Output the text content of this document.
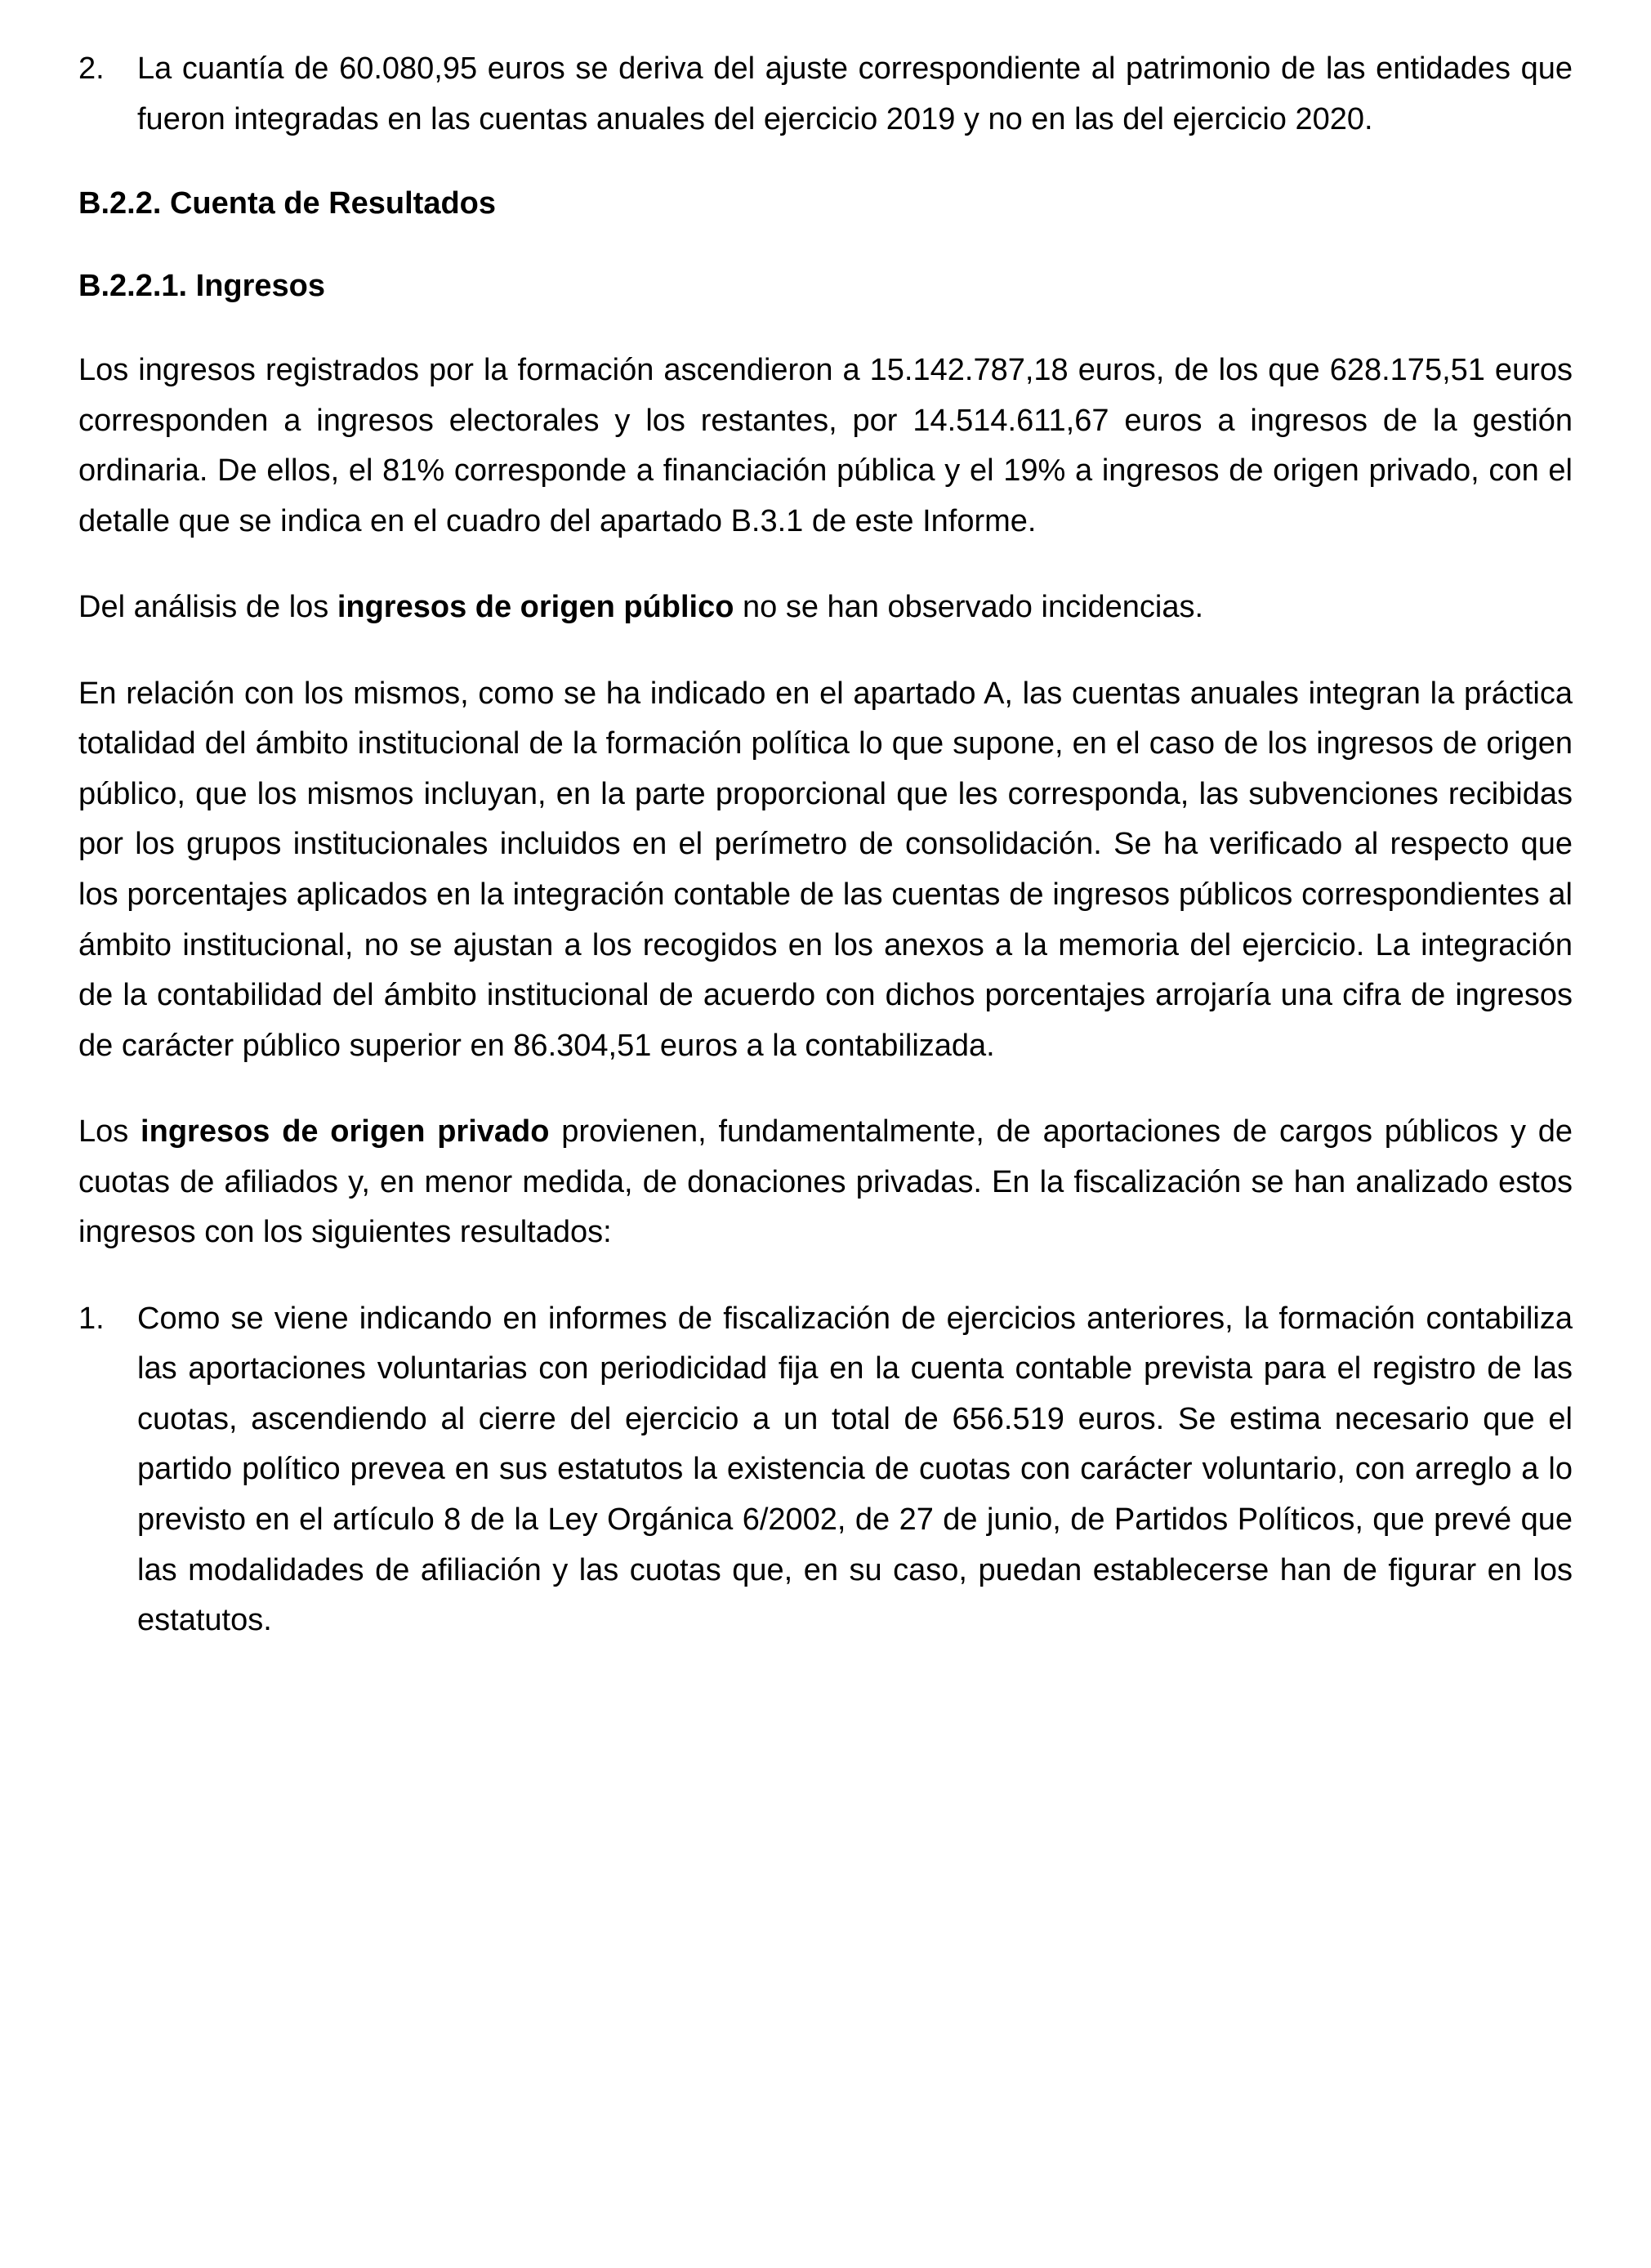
2.	La cuantía de 60.080,95 euros se deriva del ajuste correspondiente al patrimonio de las entidades que fueron integradas en las cuentas anuales del ejercicio 2019 y no en las del ejercicio 2020.
B.2.2. Cuenta de Resultados
B.2.2.1. Ingresos

Los ingresos registrados por la formación ascendieron a 15.142.787,18 euros, de los que 628.175,51 euros corresponden a ingresos electorales y los restantes, por 14.514.611,67 euros a ingresos de la gestión ordinaria. De ellos, el 81% corresponde a financiación pública y el 19% a ingresos de origen privado, con el detalle que se indica en el cuadro del apartado B.3.1 de este Informe.

Del análisis de los ingresos de origen público no se han observado incidencias.

En relación con los mismos, como se ha indicado en el apartado A, las cuentas anuales integran la práctica totalidad del ámbito institucional de la formación política lo que supone, en el caso de los ingresos de origen público, que los mismos incluyan, en la parte proporcional que les corresponda, las subvenciones recibidas por los grupos institucionales incluidos en el perímetro de consolidación. Se ha verificado al respecto que los porcentajes aplicados en la integración contable de las cuentas de ingresos públicos correspondientes al ámbito institucional, no se ajustan a los recogidos en los anexos a la memoria del ejercicio. La integración de la contabilidad del ámbito institucional de acuerdo con dichos porcentajes arrojaría una cifra de ingresos de carácter público superior en 86.304,51 euros a la contabilizada.

Los ingresos de origen privado provienen, fundamentalmente, de aportaciones de cargos públicos y de cuotas de afiliados y, en menor medida, de donaciones privadas. En la fiscalización se han analizado estos ingresos con los siguientes resultados:

1.	Como se viene indicando en informes de fiscalización de ejercicios anteriores, la formación contabiliza las aportaciones voluntarias con periodicidad fija en la cuenta contable prevista para el registro de las cuotas, ascendiendo al cierre del ejercicio a un total de 656.519 euros. Se estima necesario que el partido político prevea en sus estatutos la existencia de cuotas con carácter voluntario, con arreglo a lo previsto en el artículo 8 de la Ley Orgánica 6/2002, de 27 de junio, de Partidos Políticos, que prevé que las modalidades de afiliación y las cuotas que, en su caso, puedan establecerse han de figurar en los estatutos.
